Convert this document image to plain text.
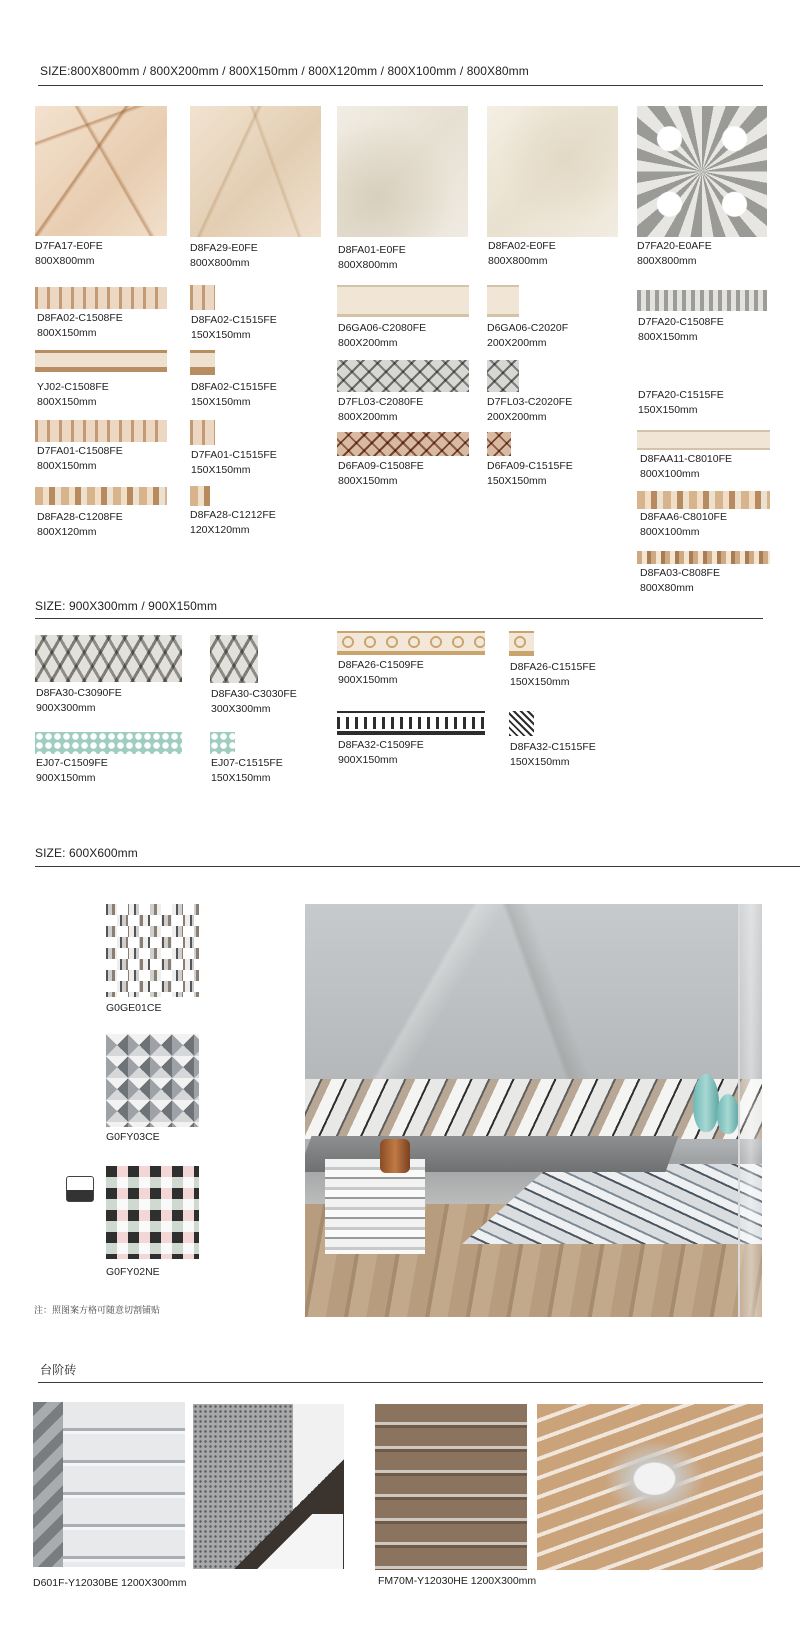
SIZE:800X800mm / 800X200mm / 800X150mm / 800X120mm / 800X100mm / 800X80mm
D7FA17-E0FE
800X800mm
D8FA29-E0FE
800X800mm
D8FA01-E0FE
800X800mm
D8FA02-E0FE
800X800mm
D7FA20-E0AFE
800X800mm
D8FA02-C1508FE
800X150mm
YJ02-C1508FE
800X150mm
D7FA01-C1508FE
800X150mm
D8FA28-C1208FE
800X120mm
D8FA02-C1515FE
150X150mm
D8FA02-C1515FE
150X150mm
D7FA01-C1515FE
150X150mm
D8FA28-C1212FE
120X120mm
D6GA06-C2080FE
800X200mm
D7FL03-C2080FE
800X200mm
D6FA09-C1508FE
800X150mm
D6GA06-C2020F
200X200mm
D7FL03-C2020FE
200X200mm
D6FA09-C1515FE
150X150mm
D7FA20-C1508FE
800X150mm
D7FA20-C1515FE
150X150mm
D8FAA11-C8010FE
800X100mm
D8FAA6-C8010FE
800X100mm
D8FA03-C808FE
800X80mm
SIZE: 900X300mm / 900X150mm
D8FA30-C3090FE
900X300mm
D8FA30-C3030FE
300X300mm
D8FA26-C1509FE
900X150mm
D8FA26-C1515FE
150X150mm
EJ07-C1509FE
900X150mm
EJ07-C1515FE
150X150mm
D8FA32-C1509FE
900X150mm
D8FA32-C1515FE
150X150mm
SIZE: 600X600mm
G0GE01CE
G0FY03CE
G0FY02NE
注：照图案方格可随意切割铺贴
台阶砖
D601F-Y12030BE 1200X300mm	FM70M-Y12030HE 1200X300mm
